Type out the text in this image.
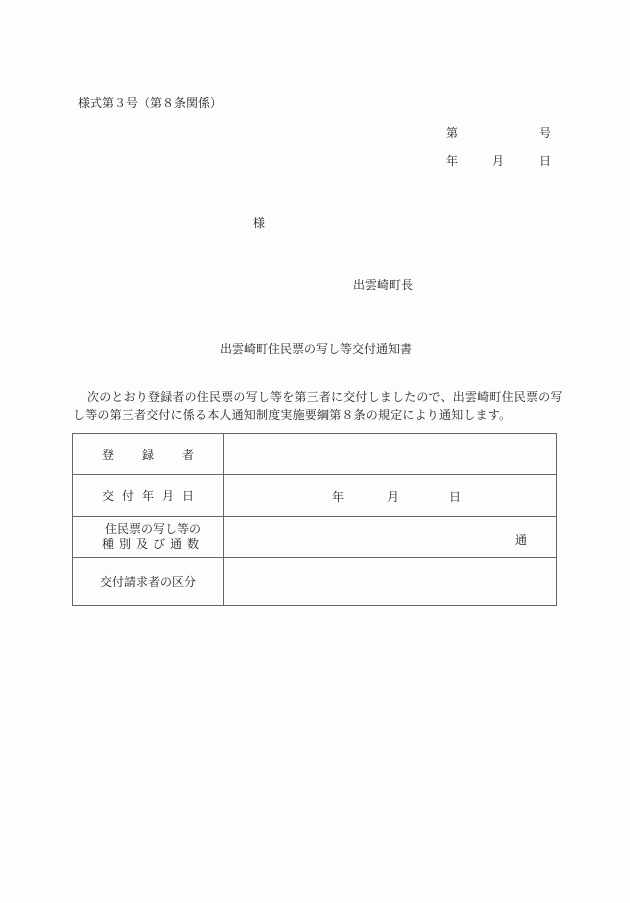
様式第３号（第８条関係）
第	号
年	月	日
様
出雲崎町長
出雲崎町住民票の写し等交付通知書
次のとおり登録者の住民票の写し等を第三者に交付しましたので、出雲崎町住民票の写し等の第三者交付に係る本人通知制度実施要綱第８条の規定により通知します。
登録者	
交付年月日	年 月 日

住民票の写し等の
種別及び通数	通

交付請求者の区分	
